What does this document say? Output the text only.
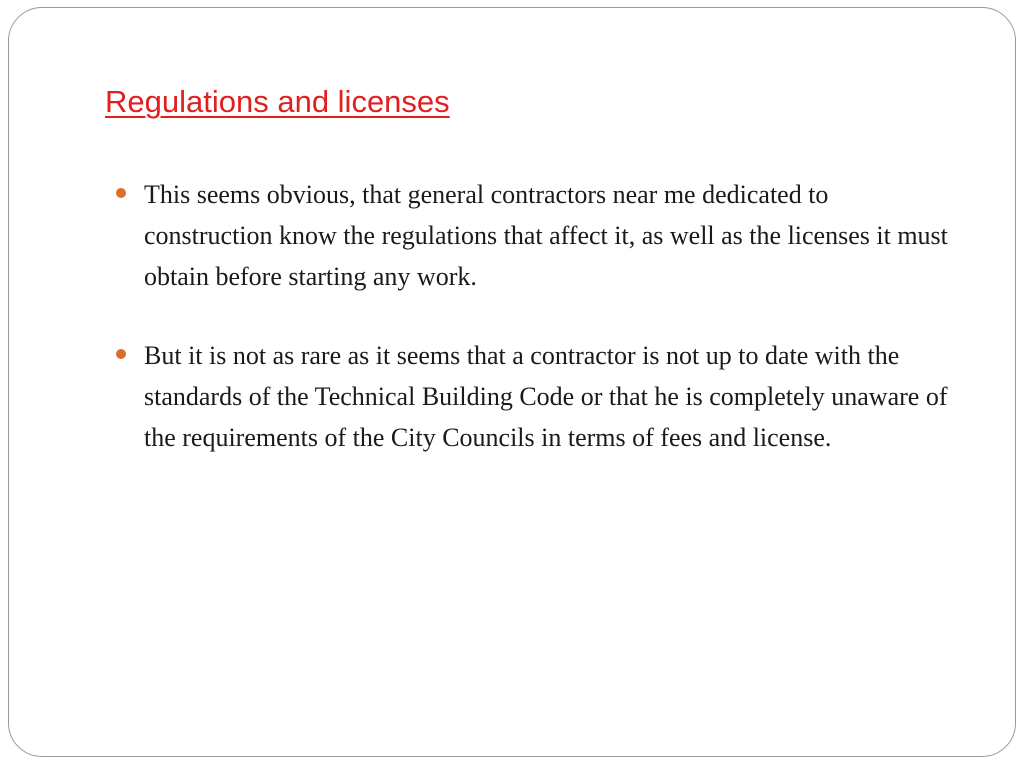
Regulations and licenses
This seems obvious, that general contractors near me dedicated to construction know the regulations that affect it, as well as the licenses it must obtain before starting any work.
But it is not as rare as it seems that a contractor is not up to date with the standards of the Technical Building Code or that he is completely unaware of the requirements of the City Councils in terms of fees and license.
